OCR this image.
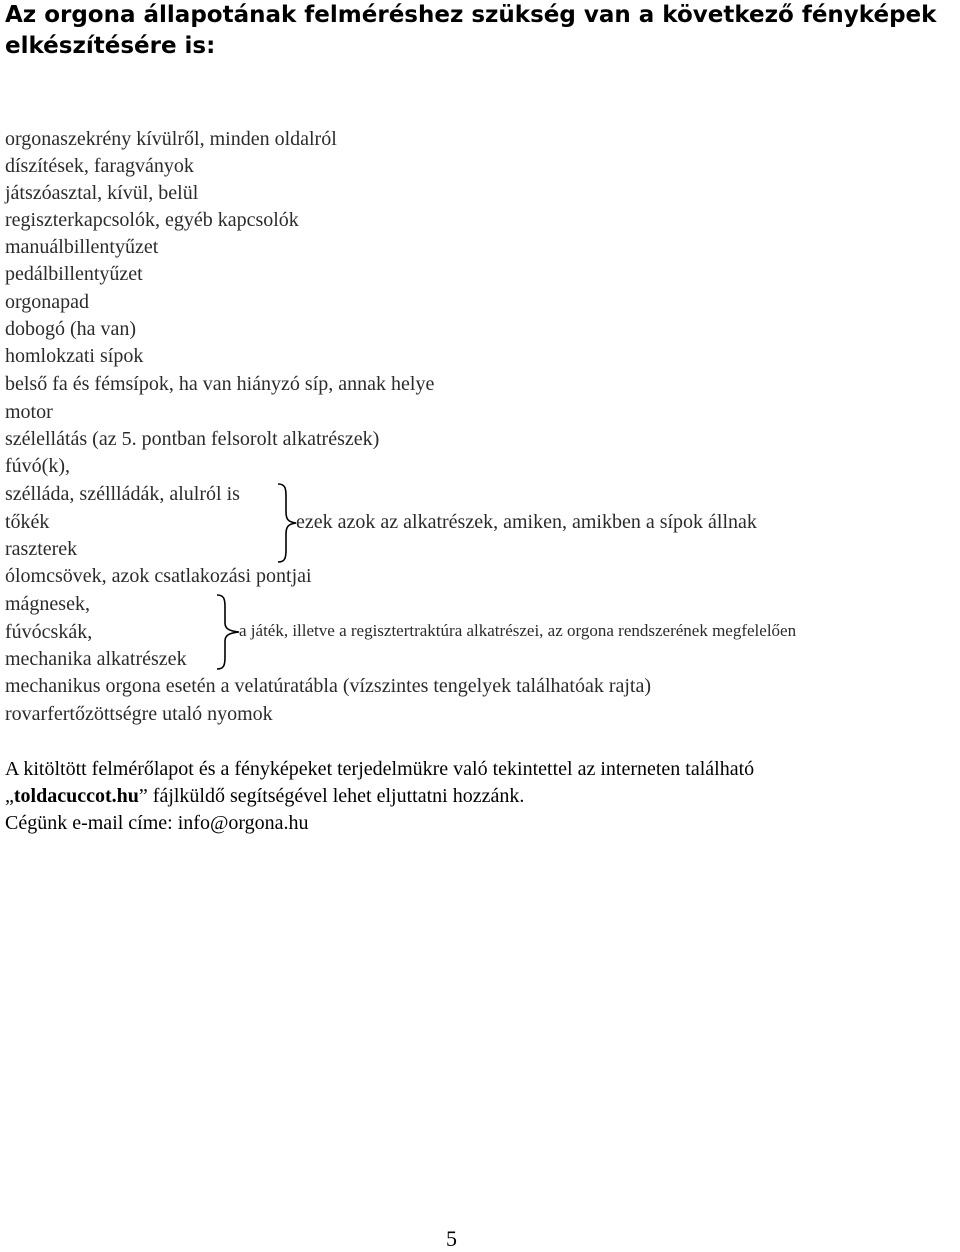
Az orgona állapotának felméréshez szükség van a következő fényképek
elkészítésére is:
orgonaszekrény kívülről, minden oldalról
díszítések, faragványok
játszóasztal, kívül, belül
regiszterkapcsolók, egyéb kapcsolók
manuálbillentyűzet
pedálbillentyűzet
orgonapad
dobogó (ha van)
homlokzati sípok
belső fa és fémsípok, ha van hiányzó síp, annak helye
motor
szélellátás (az 5. pontban felsorolt alkatrészek)
fúvó(k),
szélláda, széllládák, alulról is
tőkék
raszterek
ólomcsövek, azok csatlakozási pontjai
mágnesek,
fúvócskák,
mechanika alkatrészek
mechanikus orgona esetén a velatúratábla (vízszintes tengelyek találhatóak rajta)
rovarfertőzöttségre utaló nyomok
ezek azok az alkatrészek, amiken, amikben a sípok állnak
a játék, illetve a regisztertraktúra alkatrészei, az orgona rendszerének megfelelően
A kitöltött felmérőlapot és a fényképeket terjedelmükre való tekintettel az interneten található
„toldacuccot.hu” fájlküldő segítségével lehet eljuttatni hozzánk.
Cégünk e-mail címe: info@orgona.hu
5
